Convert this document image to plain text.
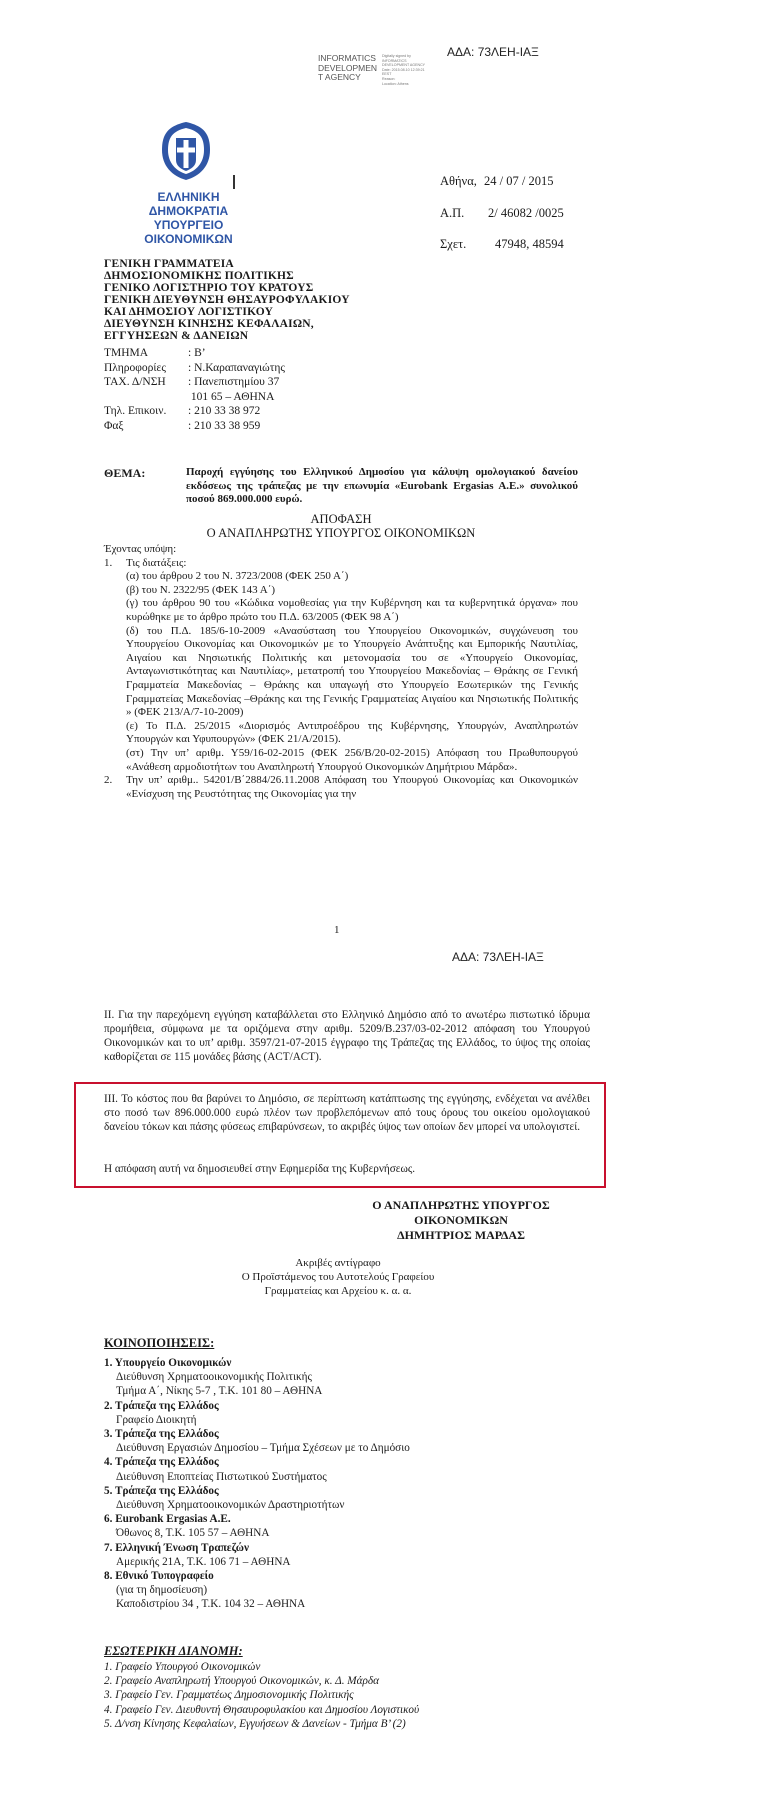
INFORMATICS
DEVELOPMEN
T AGENCY
Digitally signed by
INFORMATICS
DEVELOPMENT AGENCY
Date: 2015.08.10 12:39:21
EEST
Reason:
Location: Athens
ΑΔΑ: 73ΛΕΗ-ΙΑΞ
ΕΛΛΗΝΙΚΗ ΔΗΜΟΚΡΑΤΙΑ
ΥΠΟΥΡΓΕΙΟ ΟΙΚΟΝΟΜΙΚΩΝ
Αθήνα, 24 / 07 / 2015
Α.Π. 2/ 46082 /0025
Σχετ. 47948, 48594
ΓΕΝΙΚΗ ΓΡΑΜΜΑΤΕΙΑ
ΔΗΜΟΣΙΟΝΟΜΙΚΗΣ ΠΟΛΙΤΙΚΗΣ
ΓΕΝΙΚΟ ΛΟΓΙΣΤΗΡΙΟ ΤΟΥ ΚΡΑΤΟΥΣ
ΓΕΝΙΚΗ ΔΙΕΥΘΥΝΣΗ ΘΗΣΑΥΡΟΦΥΛΑΚΙΟΥ
ΚΑΙ ΔΗΜΟΣΙΟΥ ΛΟΓΙΣΤΙΚΟΥ
ΔΙΕΥΘΥΝΣΗ ΚΙΝΗΣΗΣ ΚΕΦΑΛΑΙΩΝ,
ΕΓΓΥΗΣΕΩΝ & ΔΑΝΕΙΩΝ
ΤΜΗΜΑ	: Β’
Πληροφορίες : Ν.Καραπαναγιώτης
ΤΑΧ. Δ/ΝΣΗ : Πανεπιστημίου 37
101 65 – ΑΘΗΝΑ
Τηλ. Επικοιν. : 210 33 38 972
Φαξ	: 210 33 38 959
ΘΕΜΑ:	Παροχή εγγύησης του Ελληνικού Δημοσίου για κάλυψη ομολογιακού δανείου εκδόσεως της τράπεζας με την επωνυμία «Eurobank Ergasias A.E.» συνολικού ποσού 869.000.000 ευρώ.
ΑΠΟΦΑΣΗ
Ο ΑΝΑΠΛΗΡΩΤΗΣ ΥΠΟΥΡΓΟΣ ΟΙΚΟΝΟΜΙΚΩΝ

Έχοντας υπόψη:

1.	Τις διατάξεις:

(α) του άρθρου 2 του Ν. 3723/2008 (ΦΕΚ 250 Α΄)

(β) του Ν. 2322/95 (ΦΕΚ 143 Α΄)

(γ) του άρθρου 90 του «Κώδικα νομοθεσίας για την Κυβέρνηση και τα κυβερνητικά όργανα» που κυρώθηκε με το άρθρο πρώτο του Π.Δ. 63/2005 (ΦΕΚ 98 Α΄)

(δ) του Π.Δ. 185/6-10-2009 «Ανασύσταση του Υπουργείου Οικονομικών, συγχώνευση του Υπουργείου Οικονομίας και Οικονομικών με το Υπουργείο Ανάπτυξης και Εμπορικής Ναυτιλίας, Αιγαίου και Νησιωτικής Πολιτικής και μετονομασία του σε «Υπουργείο Οικονομίας, Ανταγωνιστικότητας και Ναυτιλίας», μετατροπή του Υπουργείου Μακεδονίας – Θράκης σε Γενική Γραμματεία Μακεδονίας – Θράκης και υπαγωγή στο Υπουργείο Εσωτερικών της Γενικής Γραμματείας Μακεδονίας –Θράκης και της Γενικής Γραμματείας Αιγαίου και Νησιωτικής Πολιτικής » (ΦΕΚ 213/Α/7-10-2009)

(ε) Το Π.Δ. 25/2015 «Διορισμός Αντιπροέδρου της Κυβέρνησης, Υπουργών, Αναπληρωτών Υπουργών και Υφυπουργών» (ΦΕΚ 21/Α/2015).

(στ) Την υπ’ αριθμ. Υ59/16-02-2015 (ΦΕΚ 256/Β/20-02-2015) Απόφαση του Πρωθυπουργού «Ανάθεση αρμοδιοτήτων του Αναπληρωτή Υπουργού Οικονομικών Δημήτριου Μάρδα».

2.	Την υπ’ αριθμ.. 54201/Β΄2884/26.11.2008 Απόφαση του Υπουργού Οικονομίας και Οικονομικών «Ενίσχυση της Ρευστότητας της Οικονομίας για την
1
ΑΔΑ: 73ΛΕΗ-ΙΑΞ
ΙΙ. Για την παρεχόμενη εγγύηση καταβάλλεται στο Ελληνικό Δημόσιο από το ανωτέρω πιστωτικό ίδρυμα προμήθεια, σύμφωνα με τα οριζόμενα στην αριθμ. 5209/Β.237/03-02-2012 απόφαση του Υπουργού Οικονομικών και το υπ’ αριθμ. 3597/21-07-2015 έγγραφο της Τράπεζας της Ελλάδος, το ύψος της οποίας καθορίζεται σε 115 μονάδες βάσης (ACT/ACT).
ΙΙΙ. Το κόστος που θα βαρύνει το Δημόσιο, σε περίπτωση κατάπτωσης της εγγύησης, ενδέχεται να ανέλθει στο ποσό των 896.000.000 ευρώ πλέον των προβλεπόμενων από τους όρους του οικείου ομολογιακού δανείου τόκων και πάσης φύσεως επιβαρύνσεων, το ακριβές ύψος των οποίων δεν μπορεί να υπολογιστεί.
Η απόφαση αυτή να δημοσιευθεί στην Εφημερίδα της Κυβερνήσεως.
Ο ΑΝΑΠΛΗΡΩΤΗΣ ΥΠΟΥΡΓΟΣ
ΟΙΚΟΝΟΜΙΚΩΝ
ΔΗΜΗΤΡΙΟΣ ΜΑΡΔΑΣ
Ακριβές αντίγραφο
Ο Προϊστάμενος του Αυτοτελούς Γραφείου
Γραμματείας και Αρχείου κ. α. α.
ΚΟΙΝΟΠΟΙΗΣΕΙΣ:
1. Υπουργείο Οικονομικών
Διεύθυνση Χρηματοοικονομικής Πολιτικής
Τμήμα Α΄, Νίκης 5-7 , Τ.Κ. 101 80 – ΑΘΗΝΑ
2. Τράπεζα της Ελλάδος
Γραφείο Διοικητή
3. Τράπεζα της Ελλάδος
Διεύθυνση Εργασιών Δημοσίου – Τμήμα Σχέσεων με το Δημόσιο
4. Τράπεζα της Ελλάδος
Διεύθυνση Εποπτείας Πιστωτικού Συστήματος
5. Τράπεζα της Ελλάδος
Διεύθυνση Χρηματοοικονομικών Δραστηριοτήτων
6. Eurobank Ergasias A.E.
Όθωνος 8, Τ.Κ. 105 57 – ΑΘΗΝΑ
7. Ελληνική Ένωση Τραπεζών
Αμερικής 21Α, Τ.Κ. 106 71 – ΑΘΗΝΑ
8. Εθνικό Τυπογραφείο
(για τη δημοσίευση)
Καποδιστρίου 34 , Τ.Κ. 104 32 – ΑΘΗΝΑ
ΕΣΩΤΕΡΙΚΗ ΔΙΑΝΟΜΗ:
1. Γραφείο Υπουργού Οικονομικών
2. Γραφείο Αναπληρωτή Υπουργού Οικονομικών, κ. Δ. Μάρδα
3. Γραφείο Γεν. Γραμματέως Δημοσιονομικής Πολιτικής
4. Γραφείο Γεν. Διευθυντή Θησαυροφυλακίου και Δημοσίου Λογιστικού
5. Δ/νση Κίνησης Κεφαλαίων, Εγγυήσεων & Δανείων - Τμήμα Β’ (2)
